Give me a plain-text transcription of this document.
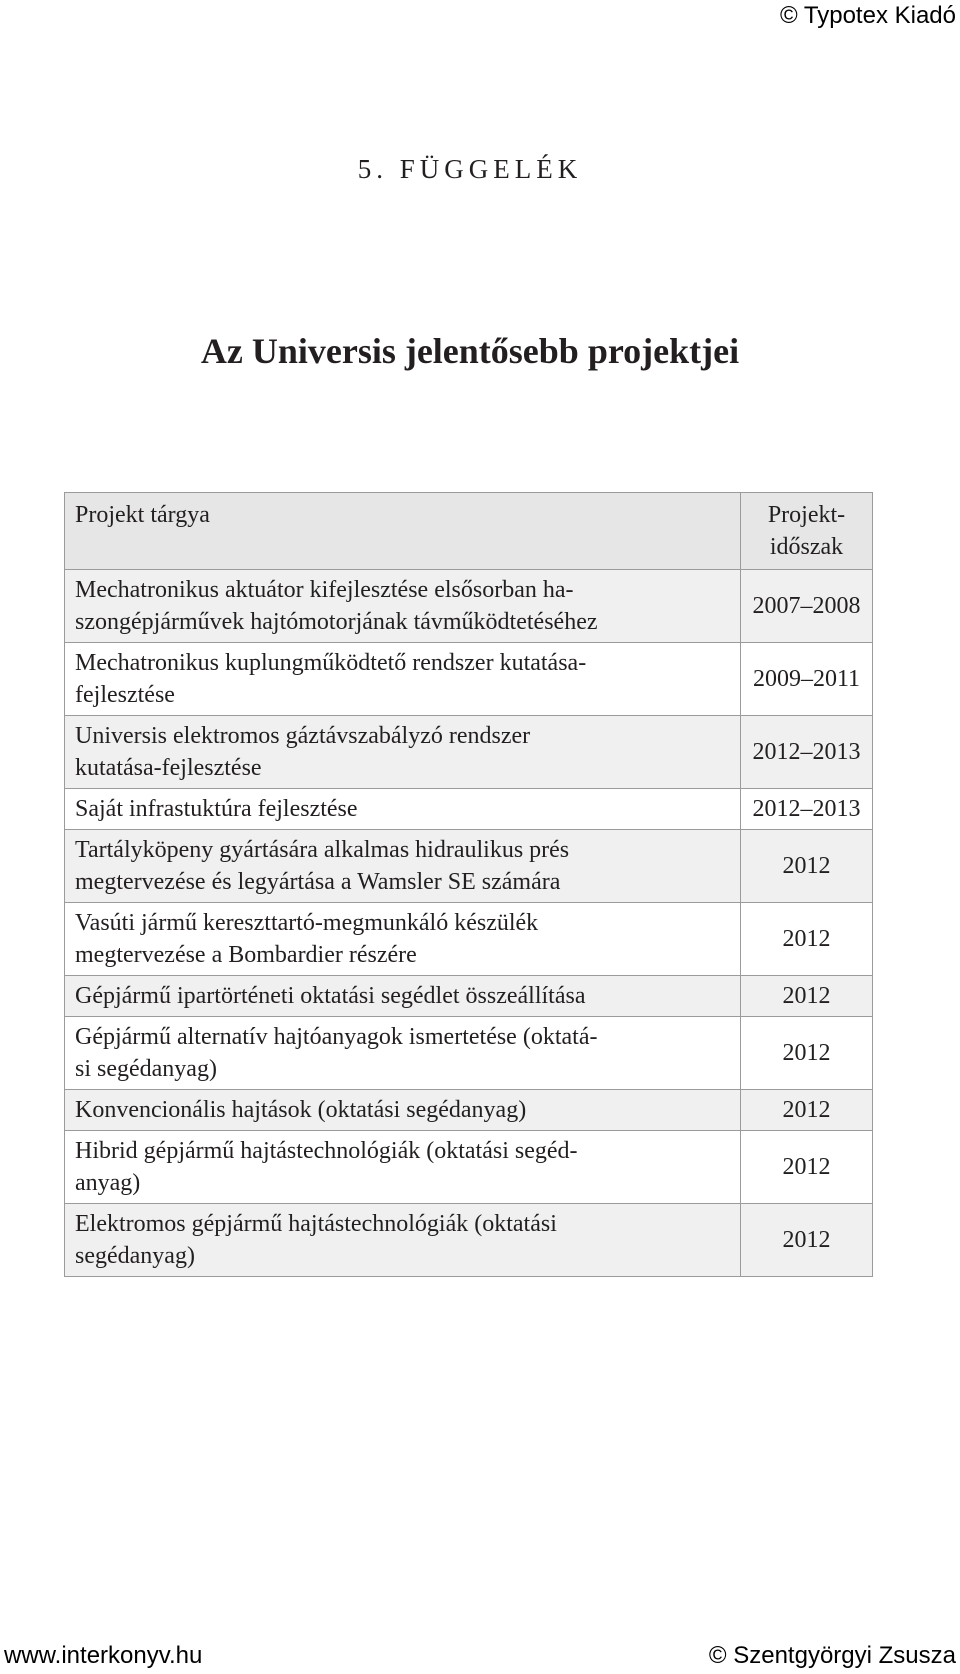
© Typotex Kiadó
5. FÜGGELÉK
Az Universis jelentősebb projektjei
Projekt tárgya	Projekt-
időszak
Mechatronikus aktuátor kifejlesztése elsősorban ha-
szongépjárművek hajtómotorjának távműködtetéséhez	2007–2008
Mechatronikus kuplungműködtető rendszer kutatása-
fejlesztése	2009–2011
Universis elektromos gáztávszabályzó rendszer
kutatása-fejlesztése	2012–2013
Saját infrastuktúra fejlesztése	2012–2013
Tartályköpeny gyártására alkalmas hidraulikus prés
megtervezése és legyártása a Wamsler SE számára	2012
Vasúti jármű kereszttartó-megmunkáló készülék
megtervezése a Bombardier részére	2012
Gépjármű ipartörténeti oktatási segédlet összeállítása	2012
Gépjármű alternatív hajtóanyagok ismertetése (oktatá-
si segédanyag)	2012
Konvencionális hajtások (oktatási segédanyag)	2012
Hibrid gépjármű hajtástechnológiák (oktatási segéd-
anyag)	2012
Elektromos gépjármű hajtástechnológiák (oktatási
segédanyag)	2012
www.interkonyv.hu	© Szentgyörgyi Zsusza
